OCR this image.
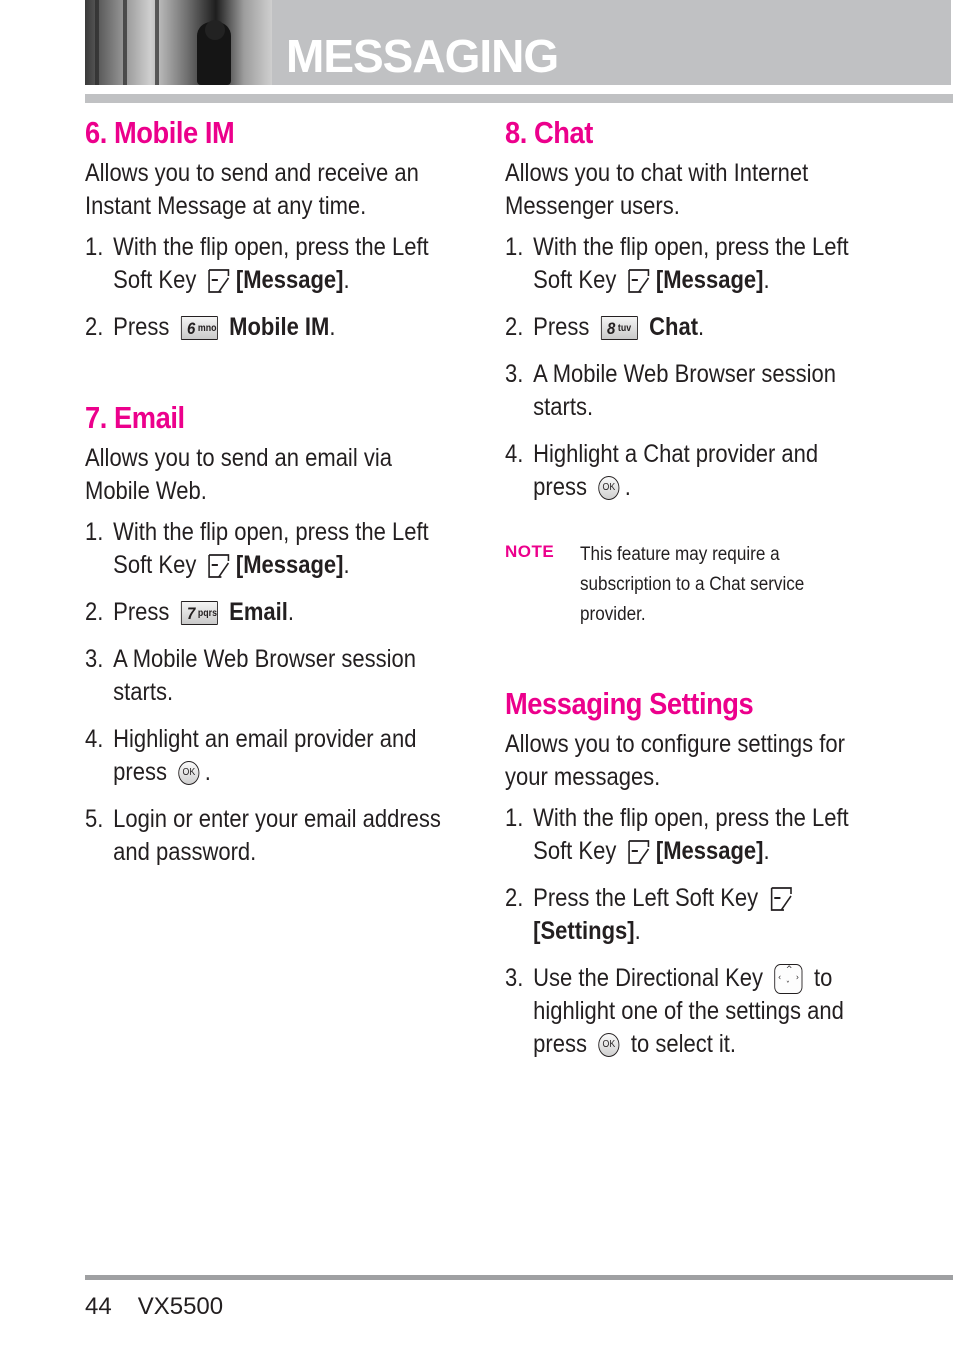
MESSAGING
6. Mobile IM

Allows you to send and receive an Instant Message at any time.

1. With the flip open, press the Left Soft Key [Message].
2. Press 6 mno Mobile IM.
7. Email

Allows you to send an email via Mobile Web.

1. With the flip open, press the Left Soft Key [Message].
2. Press 7 pqrs Email.
3. A Mobile Web Browser session starts.
4. Highlight an email provider and press OK .
5. Login or enter your email address and password.
8. Chat

Allows you to chat with Internet Messenger users.

1. With the flip open, press the Left Soft Key [Message].
2. Press 8 tuv Chat.
3. A Mobile Web Browser session starts.
4. Highlight a Chat provider and press OK .
NOTE This feature may require a subscription to a Chat service provider.
Messaging Settings

Allows you to configure settings for your messages.

1. With the flip open, press the Left Soft Key [Message].
2. Press the Left Soft Key
[Settings].
3. Use the Directional Key	^
‹ ›
ˇ to highlight one of the settings and press OK to select it.
44 VX5500
